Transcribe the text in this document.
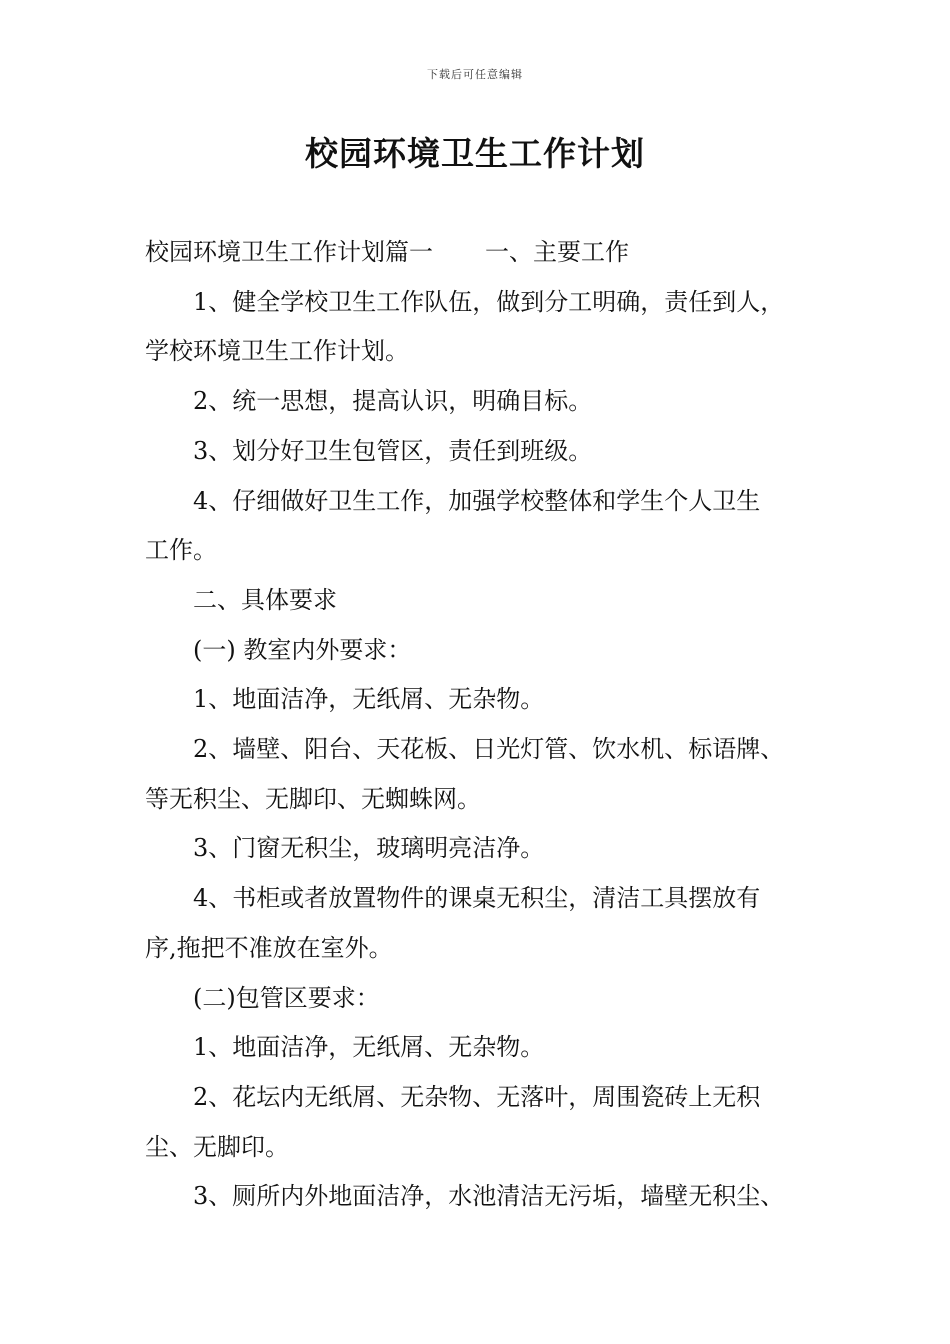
下载后可任意编辑
校园环境卫生工作计划

校园环境卫生工作计划篇一 一、主要工作

1、健全学校卫生工作队伍，做到分工明确，责任到人，

学校环境卫生工作计划。

2、统一思想，提高认识，明确目标。

3、划分好卫生包管区，责任到班级。

4、仔细做好卫生工作，加强学校整体和学生个人卫生

工作。

二、具体要求

(一) 教室内外要求：

1、地面洁净，无纸屑、无杂物。

2、墙壁、阳台、天花板、日光灯管、饮水机、标语牌、

等无积尘、无脚印、无蜘蛛网。

3、门窗无积尘，玻璃明亮洁净。

4、书柜或者放置物件的课桌无积尘，清洁工具摆放有

序,拖把不准放在室外。

(二)包管区要求：

1、地面洁净，无纸屑、无杂物。

2、花坛内无纸屑、无杂物、无落叶，周围瓷砖上无积

尘、无脚印。

3、厕所内外地面洁净，水池清洁无污垢，墙壁无积尘、
